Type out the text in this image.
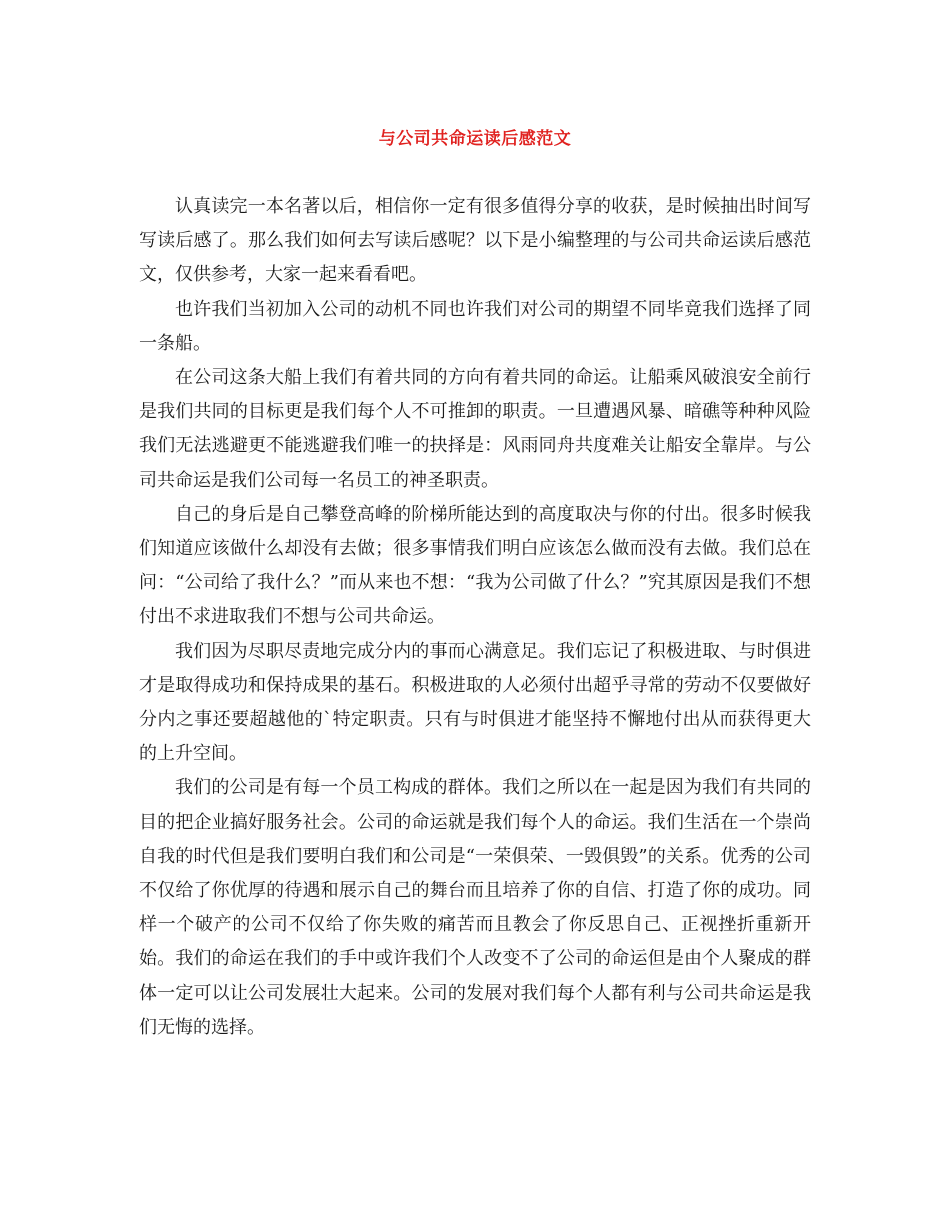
与公司共命运读后感范文

认真读完一本名著以后，相信你一定有很多值得分享的收获，是时候抽出时间写写读后感了。那么我们如何去写读后感呢？以下是小编整理的与公司共命运读后感范文，仅供参考，大家一起来看看吧。

也许我们当初加入公司的动机不同也许我们对公司的期望不同毕竟我们选择了同一条船。

在公司这条大船上我们有着共同的方向有着共同的命运。让船乘风破浪安全前行是我们共同的目标更是我们每个人不可推卸的职责。一旦遭遇风暴、暗礁等种种风险我们无法逃避更不能逃避我们唯一的抉择是：风雨同舟共度难关让船安全靠岸。与公司共命运是我们公司每一名员工的神圣职责。

自己的身后是自己攀登高峰的阶梯所能达到的高度取决与你的付出。很多时候我们知道应该做什么却没有去做；很多事情我们明白应该怎么做而没有去做。我们总在问：“公司给了我什么？”而从来也不想：“我为公司做了什么？”究其原因是我们不想付出不求进取我们不想与公司共命运。

我们因为尽职尽责地完成分内的事而心满意足。我们忘记了积极进取、与时俱进才是取得成功和保持成果的基石。积极进取的人必须付出超乎寻常的劳动不仅要做好分内之事还要超越他的`特定职责。只有与时俱进才能坚持不懈地付出从而获得更大的上升空间。

我们的公司是有每一个员工构成的群体。我们之所以在一起是因为我们有共同的目的把企业搞好服务社会。公司的命运就是我们每个人的命运。我们生活在一个崇尚自我的时代但是我们要明白我们和公司是“一荣俱荣、一毁俱毁”的关系。优秀的公司不仅给了你优厚的待遇和展示自己的舞台而且培养了你的自信、打造了你的成功。同样一个破产的公司不仅给了你失败的痛苦而且教会了你反思自己、正视挫折重新开始。我们的命运在我们的手中或许我们个人改变不了公司的命运但是由个人聚成的群体一定可以让公司发展壮大起来。公司的发展对我们每个人都有利与公司共命运是我们无悔的选择。
